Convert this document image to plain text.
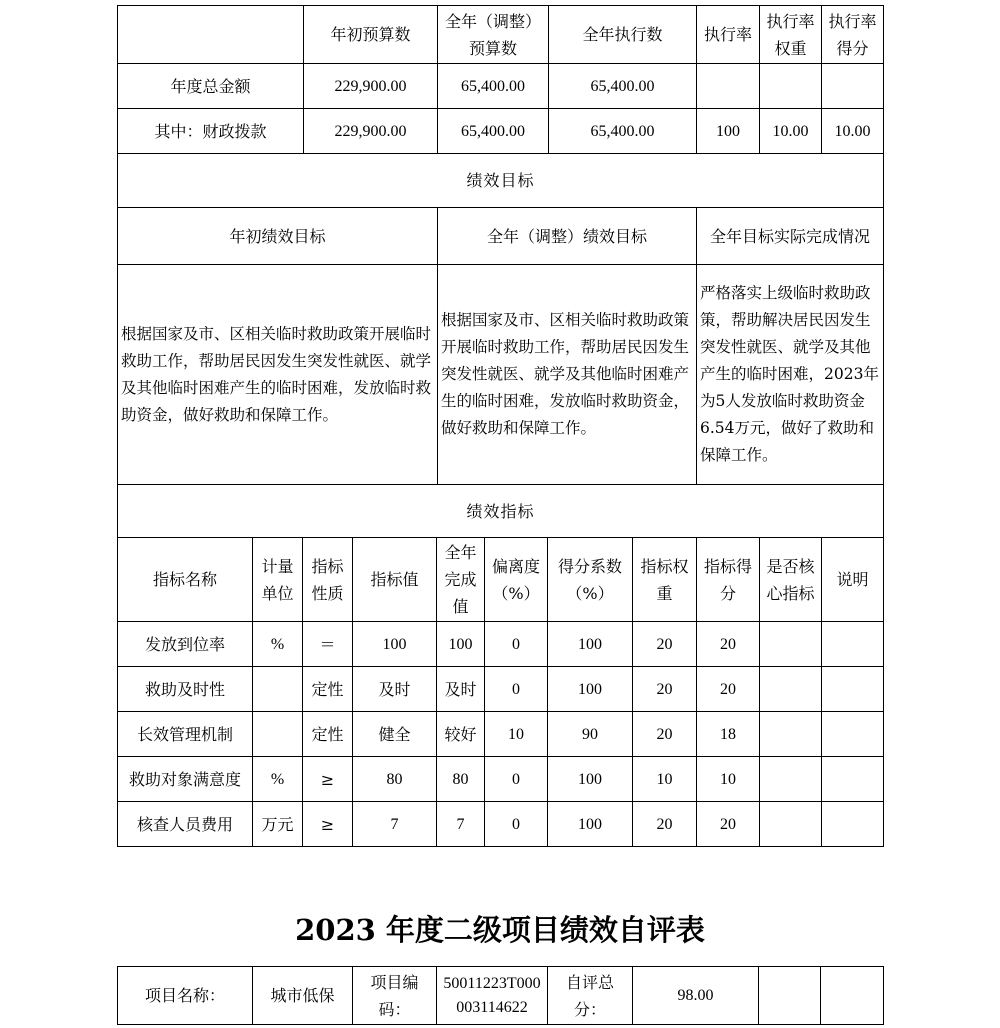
	年初预算数	全年（调整）预算数	全年执行数	执行率	执行率权重	执行率得分
年度总金额	229,900.00	65,400.00	65,400.00			
其中：财政拨款	229,900.00	65,400.00	65,400.00	100	10.00	10.00
绩效目标						
年初绩效目标		全年（调整）绩效目标		全年目标实际完成情况		
根据国家及市、区相关临时救助政策开展临时救助工作，帮助居民因发生突发性就医、就学及其他临时困难产生的临时困难，发放临时救助资金，做好救助和保障工作。		根据国家及市、区相关临时救助政策开展临时救助工作，帮助居民因发生突发性就医、就学及其他临时困难产生的临时困难，发放临时救助资金，做好救助和保障工作。		严格落实上级临时救助政策，帮助解决居民因发生突发性就医、就学及其他产生的临时困难，2023年为5人发放临时救助资金6.54万元，做好了救助和保障工作。		
绩效指标						
指标名称	计量单位	指标性质	指标值	全年完成值	偏离度（%）	得分系数（%）	指标权重	指标得分	是否核心指标	说明
发放到位率	%	＝	100	100	0	100	20	20		
救助及时性		定性	及时	及时	0	100	20	20		
长效管理机制		定性	健全	较好	10	90	20	18		
救助对象满意度	%	≥	80	80	0	100	10	10		
核查人员费用	万元	≥	7	7	0	100	20	20		
2023 年度二级项目绩效自评表
项目名称：	城市低保	项目编码：	50011223T000003114622	自评总分：	98.00		
